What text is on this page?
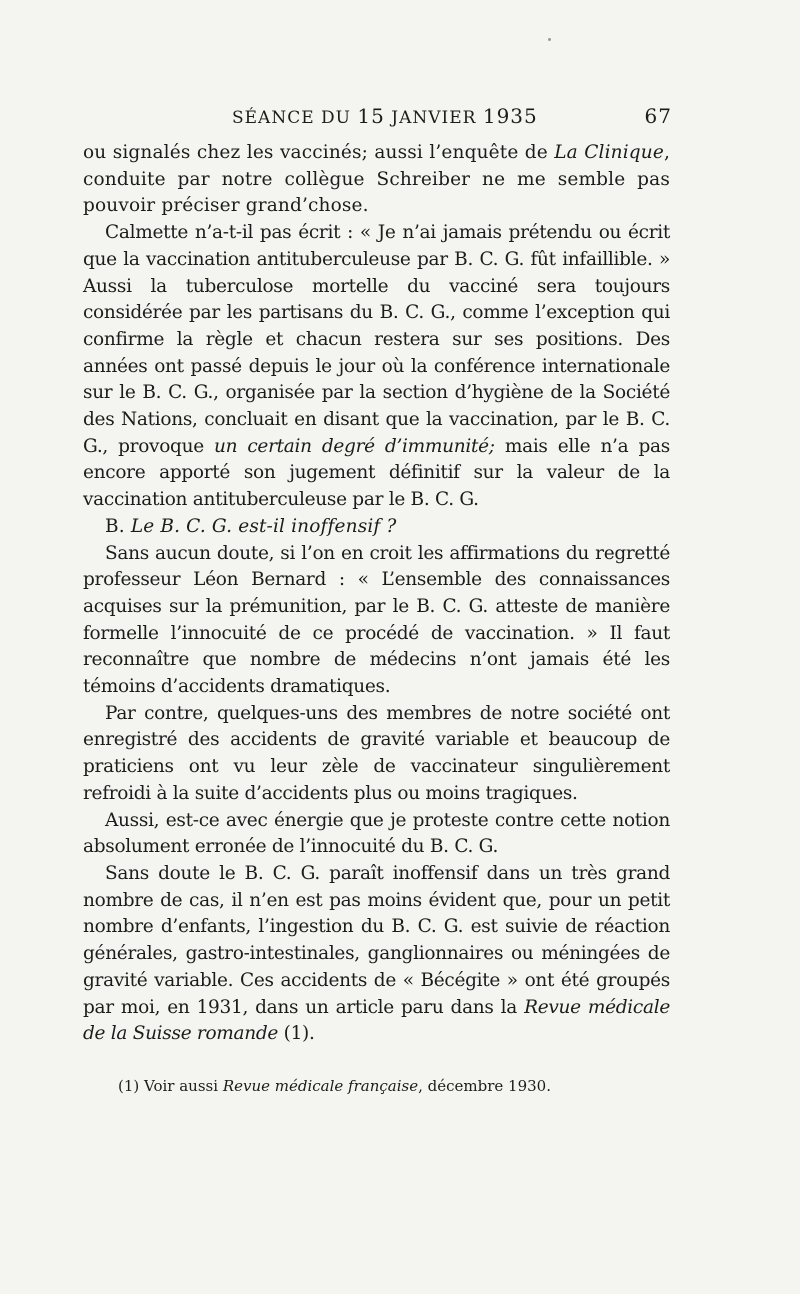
SÉANCE DU 15 JANVIER 1935	67

ou signalés chez les vaccinés; aussi l’enquête de La Clinique, conduite par notre collègue Schreiber ne me semble pas pouvoir préciser grand’chose.

Calmette n’a-t-il pas écrit : « Je n’ai jamais prétendu ou écrit que la vaccination antituberculeuse par B. C. G. fût infaillible. » Aussi la tuberculose mortelle du vacciné sera toujours considérée par les partisans du B. C. G., comme l’exception qui confirme la règle et chacun restera sur ses positions. Des années ont passé depuis le jour où la conférence internationale sur le B. C. G., organisée par la section d’hygiène de la Société des Nations, concluait en disant que la vaccination, par le B. C. G., provoque un certain degré d’immunité; mais elle n’a pas encore apporté son jugement définitif sur la valeur de la vaccination antituberculeuse par le B. C. G.

B. Le B. C. G. est-il inoffensif ?

Sans aucun doute, si l’on en croit les affirmations du regretté professeur Léon Bernard : « L’ensemble des connaissances acquises sur la prémunition, par le B. C. G. atteste de manière formelle l’innocuité de ce procédé de vaccination. » Il faut reconnaître que nombre de médecins n’ont jamais été les témoins d’accidents dramatiques.

Par contre, quelques-uns des membres de notre société ont enregistré des accidents de gravité variable et beaucoup de praticiens ont vu leur zèle de vaccinateur singulièrement refroidi à la suite d’accidents plus ou moins tragiques.

Aussi, est-ce avec énergie que je proteste contre cette notion absolument erronée de l’innocuité du B. C. G.

Sans doute le B. C. G. paraît inoffensif dans un très grand nombre de cas, il n’en est pas moins évident que, pour un petit nombre d’enfants, l’ingestion du B. C. G. est suivie de réaction générales, gastro-intestinales, ganglionnaires ou méningées de gravité variable. Ces accidents de « Bécégite » ont été groupés par moi, en 1931, dans un article paru dans la Revue médicale de la Suisse romande (1).

(1) Voir aussi Revue médicale française, décembre 1930.
